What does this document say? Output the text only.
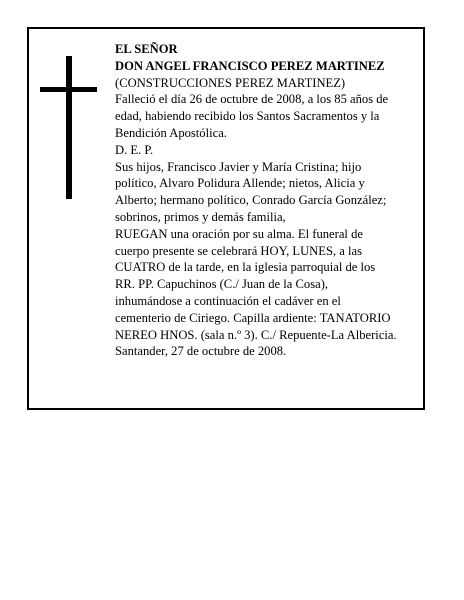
EL SEÑOR
DON ANGEL FRANCISCO PEREZ MARTINEZ
(CONSTRUCCIONES PEREZ MARTINEZ)
Falleció el día 26 de octubre de 2008, a los 85 años de
edad, habiendo recibido los Santos Sacramentos y la
Bendición Apostólica.
D. E. P.
Sus hijos, Francisco Javier y María Cristina; hijo
político, Alvaro Polidura Allende; nietos, Alicia y
Alberto; hermano político, Conrado García González;
sobrinos, primos y demás familia,
RUEGAN una oración por su alma. El funeral de
cuerpo presente se celebrará HOY, LUNES, a las
CUATRO de la tarde, en la iglesia parroquial de los
RR. PP. Capuchinos (C./ Juan de la Cosa),
inhumándose a continuación el cadáver en el
cementerio de Ciriego. Capilla ardiente: TANATORIO
NEREO HNOS. (sala n.º 3). C./ Repuente-La Albericia.
Santander, 27 de octubre de 2008.
